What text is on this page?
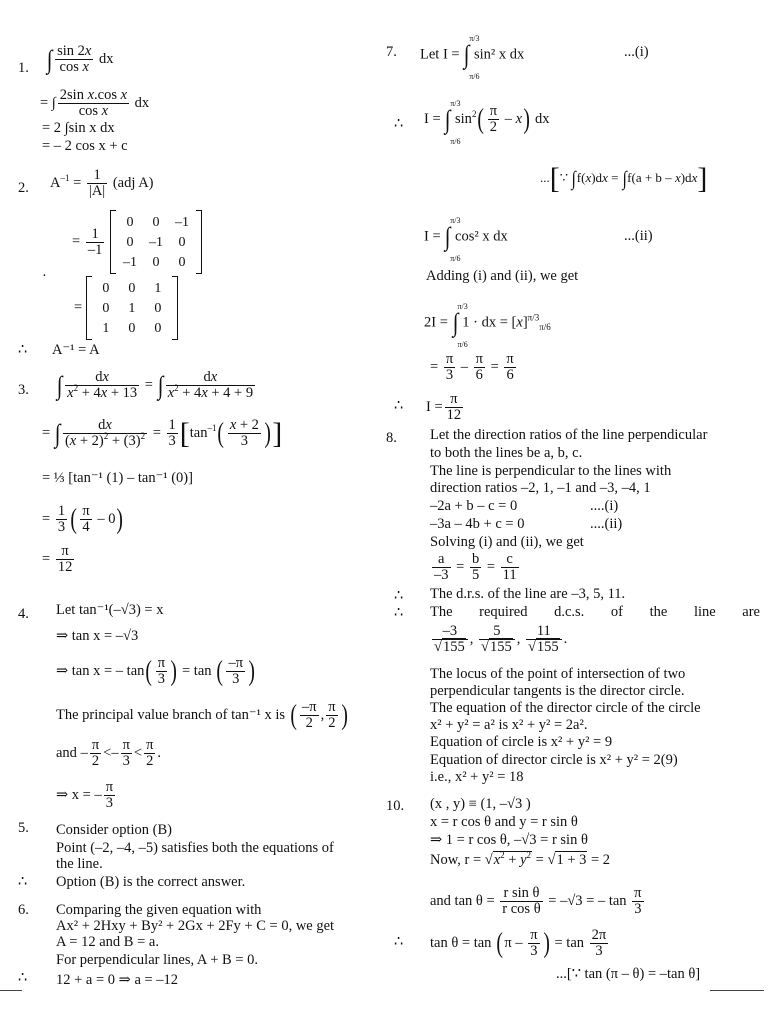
1. ∫ $\frac{\sin 2x}{\text{cos x}}$ dx
= ∫ $\frac{\text{2sin x.cos x}}{\text{cos x}}$ dx
= 2 ∫sin x dx
= – 2 cos x + c
2. $A^{-1} = \frac{1}{|A|} (adj$ A)
= $\frac{1}{-1}$

0	0	–1
0	–1	0
–1	0	0
·
=
0	0	1
0	1	0
1	0	0
∴ A⁻¹ = A
3. ∫ $\frac{dx}{x^2 + 4x + 13}$ = ∫ $\frac{dx}{x^2 + 4x + 4 + 9}$
= ∫ $\frac{dx}{(x + 2)^2 + (3)^2} = \frac{1}{3} [\tan^{-1}( \frac{x + 2}{3}$ )]
= ⅓ [tan⁻¹ (1) – tan⁻¹ (0)]
= $\frac{1}{3}$ ( $\frac{\pi}{4} - 0$)
= $\frac{\pi}{12}$
4. Let tan⁻¹(–√3) = x
⇒ tan x = –√3
⇒ tan x = – $\tan( \frac{\pi}{3}$ ) = tan ( $\frac{-\pi}{3}$ )
The principal value branch of tan⁻¹ x is ( $\frac{-\pi}{2}$ , $\frac{\pi}{2}$ )
and – $\frac{\pi}{2} <- \frac{\pi}{3} < \frac{\pi}{2}$ .
⇒ x = – $\frac{\pi}{3}$
5. Consider option (B)
Point (–2, –4, –5) satisfies both the equations of
the line.
∴ Option (B) is the correct answer.
6. Comparing the given equation with
Ax² + 2Hxy + By² + 2Gx + 2Fy + C = 0, we get
A = 12 and B = a.
For perpendicular lines, A + B = 0.
∴ 12 + a = 0 ⇒ a = –12
7. Let I = ∫
π/3
π/6
sin² x dx	...(i)
∴ I = ∫
π/3
π/6
$\sin^2( \frac{\pi}{2} - x)$ dx
...[∵ ∫f(x)dx = ∫f(a + b – x)dx]
I = ∫
π/3
π/6
cos² x dx	...(ii)
Adding (i) and (ii), we get
2I = ∫
π/3
π/6
1 · dx = $[x]^{\pi/3}_{\pi/6}$
= $\frac{\pi}{3} - \frac{\pi}{6} = \frac{\pi}{6}$
∴ $I = \frac{\pi}{12}$
8. Let the direction ratios of the line perpendicular
to both the lines be a, b, c.
The line is perpendicular to the lines with
direction ratios –2, 1, –1 and –3, –4, 1
–2a + b – c = 0	....(i)
–3a – 4b + c = 0	....(ii)
Solving (i) and (ii), we get
$\frac{a}{-3} = \frac{b}{5} = \frac{c}{11}$
∴ The d.r.s. of the line are –3, 5, 11.
∴ The required d.c.s. of the line are
$\frac{-3}{√155}$ , $\frac{5}{√155}$ , $\frac{11}{√155}$ .
The locus of the point of intersection of two
perpendicular tangents is the director circle.
The equation of the director circle of the circle
x² + y² = a² is x² + y² = 2a².
Equation of circle is x² + y² = 9
Equation of director circle is x² + y² = 2(9)
i.e., x² + y² = 18
10. (x , y) ≡ (1, –√3 )
x = r cos θ and y = r sin θ
⇒ 1 = r cos θ, –√3 = r sin θ
Now, $r = √x^2 + y^2 = √1 + 3 = 2$
and $\tan \theta = \frac{\text{r sin θ}}{\text{r cos θ}} = -√3$ = – $\tan \frac{\pi}{3}$
∴ $\tan \theta = \tan (\pi - \frac{\pi}{3}$ ) = $\tan \frac{2\pi}{3}$
...[∵ tan (π – θ) = –tan θ]
